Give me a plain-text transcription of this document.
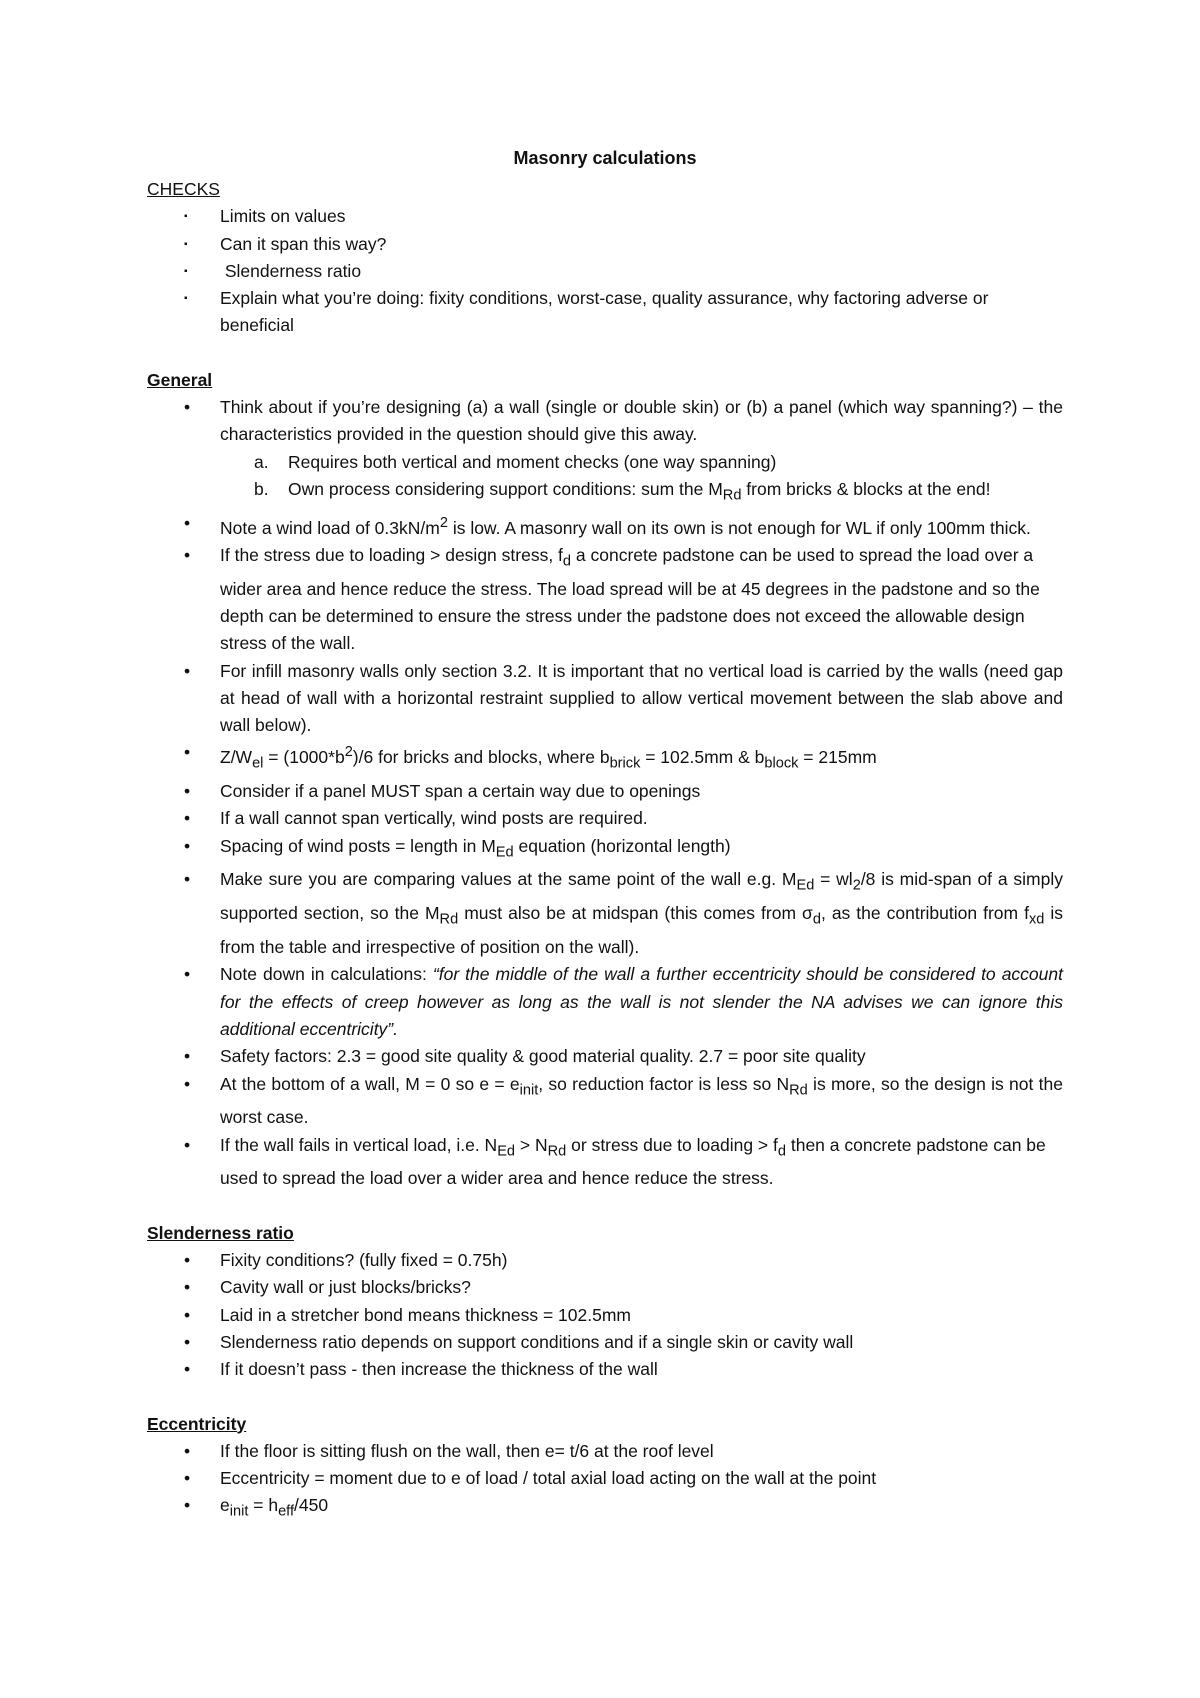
Masonry calculations
CHECKS
▪ Limits on values
▪ Can it span this way?
▪ Slenderness ratio
▪ Explain what you’re doing: fixity conditions, worst-case, quality assurance, why factoring adverse or beneficial
General
• Think about if you’re designing (a) a wall (single or double skin) or (b) a panel (which way spanning?) – the characteristics provided in the question should give this away.
a. Requires both vertical and moment checks (one way spanning)
b. Own process considering support conditions: sum the $M_{Rd}$ from bricks & blocks at the end!
• Note a wind load of $0.3kN/m^2$ is low. A masonry wall on its own is not enough for WL if only 100mm thick.
• If the stress due to loading > design stress, $f_d$ a concrete padstone can be used to spread the load over a wider area and hence reduce the stress. The load spread will be at 45 degrees in the padstone and so the depth can be determined to ensure the stress under the padstone does not exceed the allowable design stress of the wall.
• For infill masonry walls only section 3.2. It is important that no vertical load is carried by the walls (need gap at head of wall with a horizontal restraint supplied to allow vertical movement between the slab above and wall below).
• $Z/W_{el} = (1000*b^2)/6$ for bricks and blocks, where $b_{brick} = 102.5mm$ & $b_{block} = 215mm$
• Consider if a panel MUST span a certain way due to openings
• If a wall cannot span vertically, wind posts are required.
• Spacing of wind posts = length in $M_{Ed}$ equation (horizontal length)
• Make sure you are comparing values at the same point of the wall e.g. $M_{Ed} = wl_2/8$ is mid-span of a simply supported section, so the $M_{Rd}$ must also be at midspan (this comes from $\sigma_d$, as the contribution from $f_{xd}$ is from the table and irrespective of position on the wall).
• Note down in calculations: “for the middle of the wall a further eccentricity should be considered to account for the effects of creep however as long as the wall is not slender the NA advises we can ignore this additional eccentricity”.
• Safety factors: 2.3 = good site quality & good material quality. 2.7 = poor site quality
• At the bottom of a wall, M = 0 so $e = e_{init}$, so reduction factor is less so $N_{Rd}$ is more, so the design is not the worst case.
• If the wall fails in vertical load, i.e. $N_{Ed} > N_{Rd}$ or stress due to loading > $f_d$ then a concrete padstone can be used to spread the load over a wider area and hence reduce the stress.
Slenderness ratio
• Fixity conditions? (fully fixed = 0.75h)
• Cavity wall or just blocks/bricks?
• Laid in a stretcher bond means thickness = 102.5mm
• Slenderness ratio depends on support conditions and if a single skin or cavity wall
• If it doesn’t pass - then increase the thickness of the wall
Eccentricity
• If the floor is sitting flush on the wall, then e= t/6 at the roof level
• Eccentricity = moment due to e of load / total axial load acting on the wall at the point
• $e_{init} = h_{eff}/450$
